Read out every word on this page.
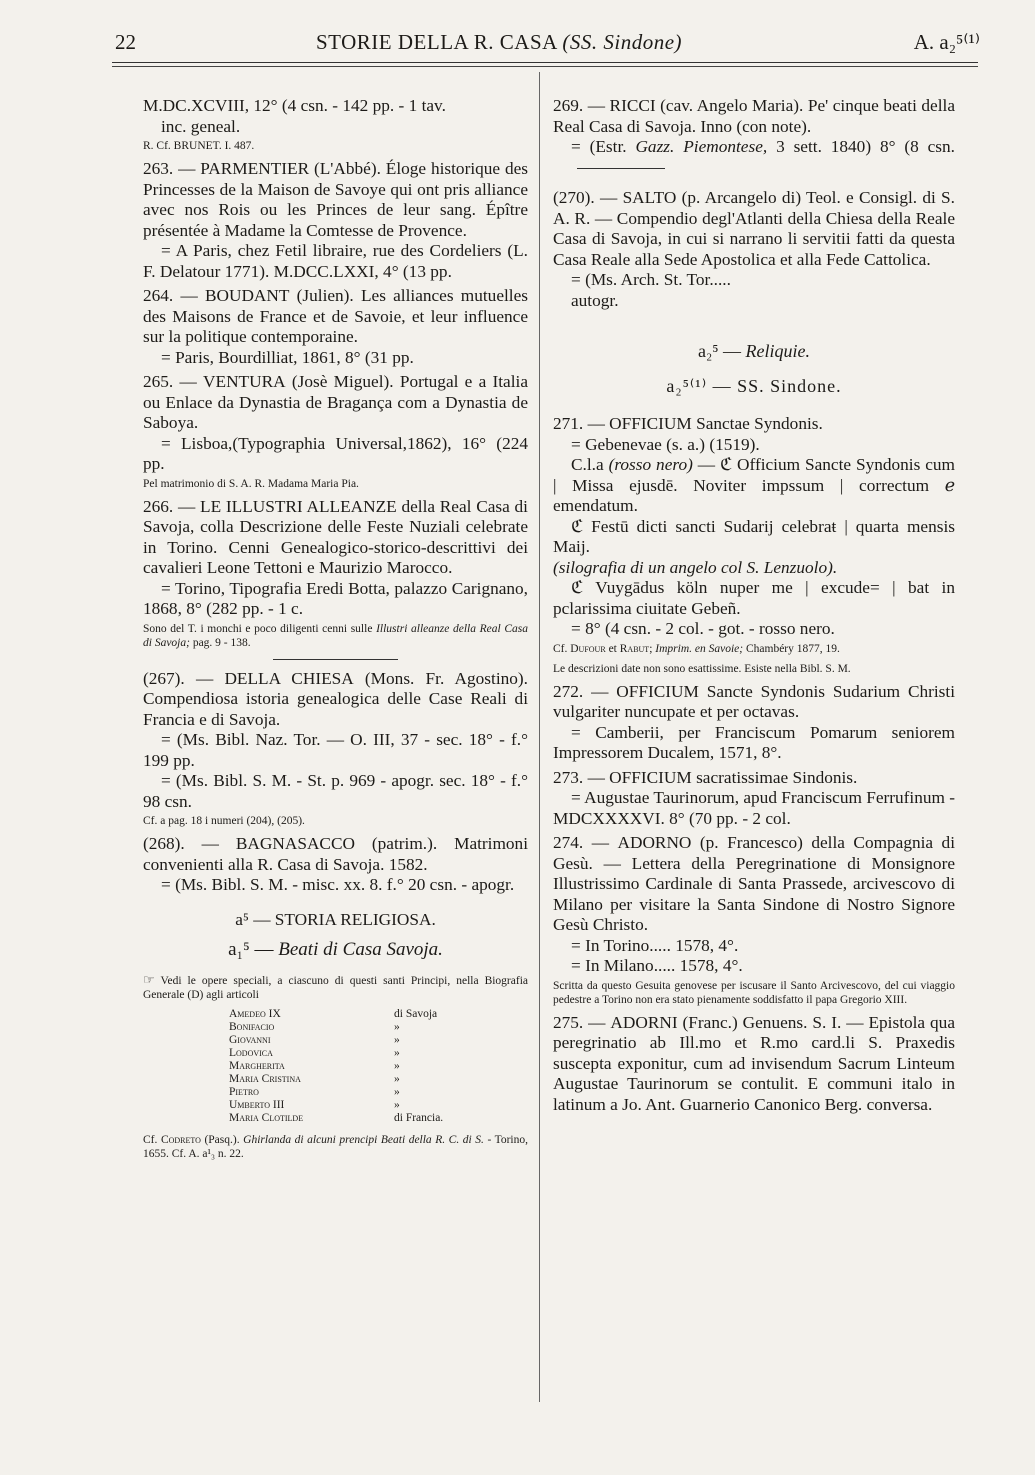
22	STORIE DELLA R. CASA (SS. Sindone)	A. a₂⁵⁽¹⁾

M.DC.XCVIII, 12° (4 csn. - 142 pp. - 1 tav.

inc. geneal.

R. Cf. BRUNET. I. 487.

263. — PARMENTIER (L'Abbé). Éloge historique des Princesses de la Maison de Savoye qui ont pris alliance avec nos Rois ou les Princes de leur sang. Épître présentée à Madame la Comtesse de Provence.

= A Paris, chez Fetil libraire, rue des Cordeliers (L. F. Delatour 1771). M.DCC.LXXI, 4° (13 pp.

264. — BOUDANT (Julien). Les alliances mutuelles des Maisons de France et de Savoie, et leur influence sur la politique contemporaine.

= Paris, Bourdilliat, 1861, 8° (31 pp.

265. — VENTURA (Josè Miguel). Portugal e a Italia ou Enlace da Dynastia de Bragança com a Dynastia de Saboya.

= Lisboa,(Typographia Universal,1862), 16° (224 pp.

Pel matrimonio di S. A. R. Madama Maria Pia.

266. — LE ILLUSTRI ALLEANZE della Real Casa di Savoja, colla Descrizione delle Feste Nuziali celebrate in Torino. Cenni Genealogico-storico-descrittivi dei cavalieri Leone Tettoni e Maurizio Marocco.

= Torino, Tipografia Eredi Botta, palazzo Carignano, 1868, 8° (282 pp. - 1 c.

Sono del T. i monchi e poco diligenti cenni sulle Illustri alleanze della Real Casa di Savoja; pag. 9 - 138.

(267). — DELLA CHIESA (Mons. Fr. Agostino). Compendiosa istoria genealogica delle Case Reali di Francia e di Savoja.

= (Ms. Bibl. Naz. Tor. — O. III, 37 - sec. 18° - f.° 199 pp.

= (Ms. Bibl. S. M. - St. p. 969 - apogr. sec. 18° - f.° 98 csn.

Cf. a pag. 18 i numeri (204), (205).

(268). — BAGNASACCO (patrim.). Matrimoni convenienti alla R. Casa di Savoja. 1582.

= (Ms. Bibl. S. M. - misc. xx. 8. f.° 20 csn. - apogr.

a⁵ — STORIA RELIGIOSA.
a₁⁵ — Beati di Casa Savoja.
☞ Vedi le opere speciali, a ciascuno di questi santi Principi, nella Biografia Generale (D) agli articoli
Amedeo IX	di Savoja
Bonifacio	»
Giovanni	»
Lodovica	»
Margherita	»
Maria Cristina	»
Pietro	»
Umberto III	»
Maria Clotilde	di Francia.
Cf. Codreto (Pasq.). Ghirlanda di alcuni prencipi Beati della R. C. di S. - Torino, 1655. Cf. A. a¹₃ n. 22.

269. — RICCI (cav. Angelo Maria). Pe' cinque beati della Real Casa di Savoja. Inno (con note).

= (Estr. Gazz. Piemontese, 3 sett. 1840) 8° (8 csn.

(270). — SALTO (p. Arcangelo di) Teol. e Consigl. di S. A. R. — Compendio degl'Atlanti della Chiesa della Reale Casa di Savoja, in cui si narrano li servitii fatti da questa Casa Reale alla Sede Apostolica et alla Fede Cattolica.

= (Ms. Arch. St. Tor.....

autogr.

a₂⁵ — Reliquie.
a₂⁵⁽¹⁾ — SS. Sindone.

271. — OFFICIUM Sanctae Syndonis.

= Gebenevae (s. a.) (1519).

C.l.a (rosso nero) — ℭ Officium Sancte Syndonis cum | Missa ejusdē. Noviter impssum | correctum ℯ emendatum.

ℭ Festū dicti sancti Sudarij celebraŧ | quarta mensis Maij.

(silografia di un angelo col S. Lenzuolo).

ℭ Vuygādus köln nuper me | excude= | bat in pclarissima ciuitate Gebeñ.

= 8° (4 csn. - 2 col. - got. - rosso nero.

Cf. Dufour et Rabut; Imprim. en Savoie; Chambéry 1877, 19.
Le descrizioni date non sono esattissime. Esiste nella Bibl. S. M.

272. — OFFICIUM Sancte Syndonis Sudarium Christi vulgariter nuncupate et per octavas.

= Camberii, per Franciscum Pomarum seniorem Impressorem Ducalem, 1571, 8°.

273. — OFFICIUM sacratissimae Sindonis.

= Augustae Taurinorum, apud Franciscum Ferrufinum - MDCXXXXVI. 8° (70 pp. - 2 col.

274. — ADORNO (p. Francesco) della Compagnia di Gesù. — Lettera della Peregrinatione di Monsignore Illustrissimo Cardinale di Santa Prassede, arcivescovo di Milano per visitare la Santa Sindone di Nostro Signore Gesù Christo.

= In Torino..... 1578, 4°.

= In Milano..... 1578, 4°.

Scritta da questo Gesuita genovese per iscusare il Santo Arcivescovo, del cui viaggio pedestre a Torino non era stato pienamente soddisfatto il papa Gregorio XIII.

275. — ADORNI (Franc.) Genuens. S. I. — Epistola qua peregrinatio ab Ill.mo et R.mo card.li S. Praxedis suscepta exponitur, cum ad invisendum Sacrum Linteum Augustae Taurinorum se contulit. E communi italo in latinum a Jo. Ant. Guarnerio Canonico Berg. conversa.
